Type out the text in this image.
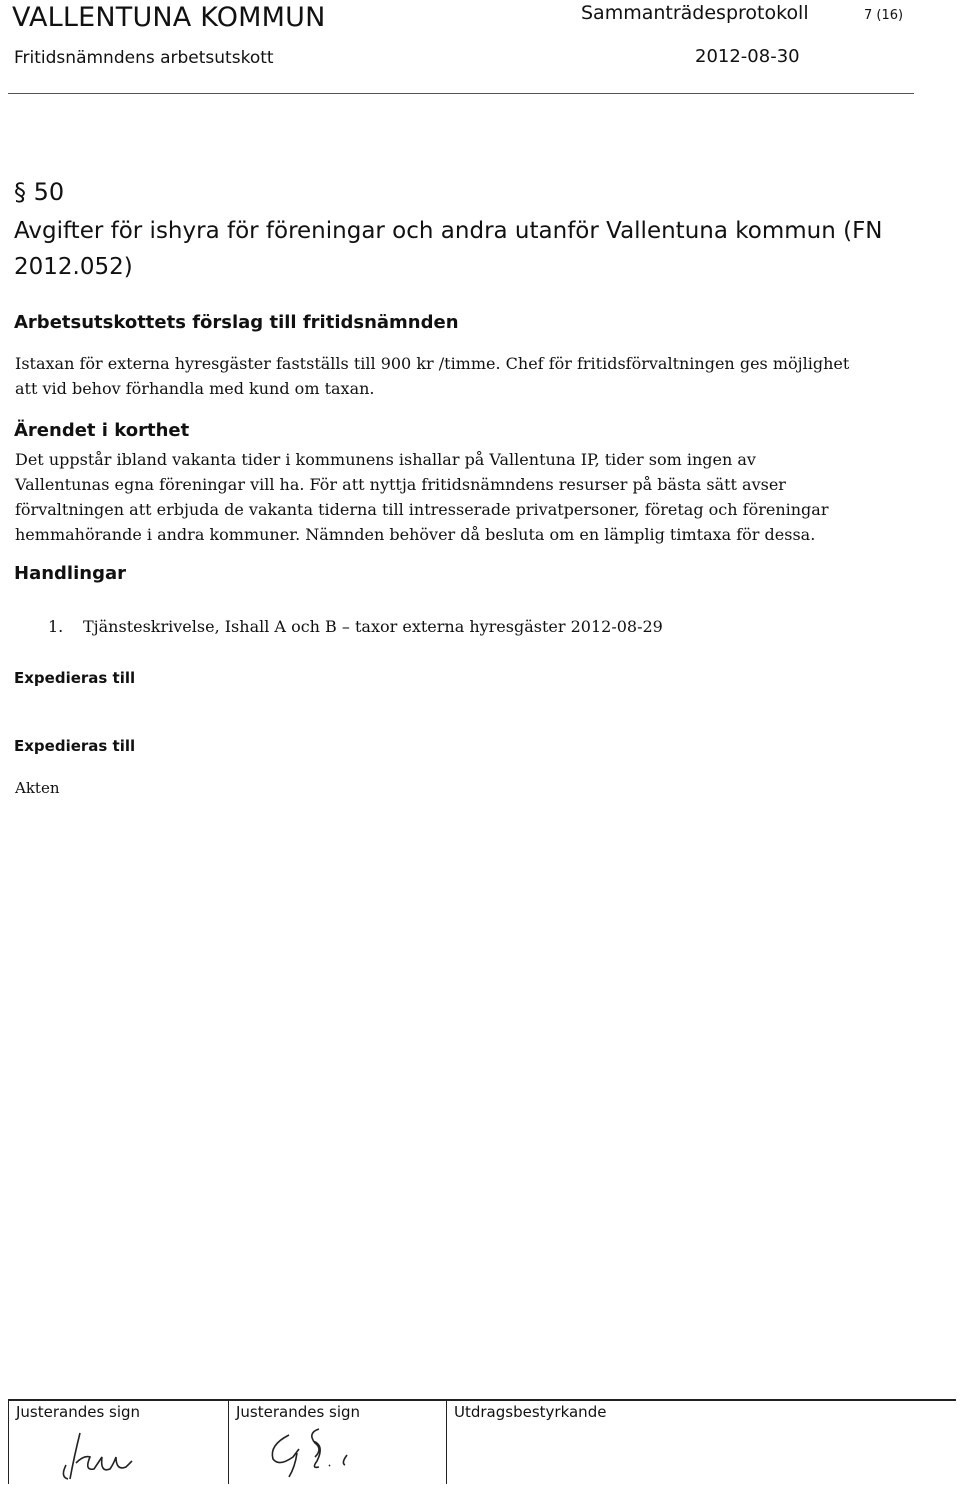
VALLENTUNA KOMMUN	Sammanträdesprotokoll	7 (16)
Fritidsnämndens arbetsutskott	2012-08-30
§ 50
Avgifter för ishyra för föreningar och andra utanför Vallentuna kommun (FN 2012.052)
Arbetsutskottets förslag till fritidsnämnden
Istaxan för externa hyresgäster fastställs till 900 kr /timme. Chef för fritidsförvaltningen ges möjlighet
att vid behov förhandla med kund om taxan.
Ärendet i korthet
Det uppstår ibland vakanta tider i kommunens ishallar på Vallentuna IP, tider som ingen av
Vallentunas egna föreningar vill ha. För att nyttja fritidsnämndens resurser på bästa sätt avser
förvaltningen att erbjuda de vakanta tiderna till intresserade privatpersoner, företag och föreningar
hemmahörande i andra kommuner. Nämnden behöver då besluta om en lämplig timtaxa för dessa.
Handlingar
1. Tjänsteskrivelse, Ishall A och B – taxor externa hyresgäster 2012-08-29
Expedieras till
Expedieras till
Akten
Justerandes sign	Justerandes sign	Utdragsbestyrkande
